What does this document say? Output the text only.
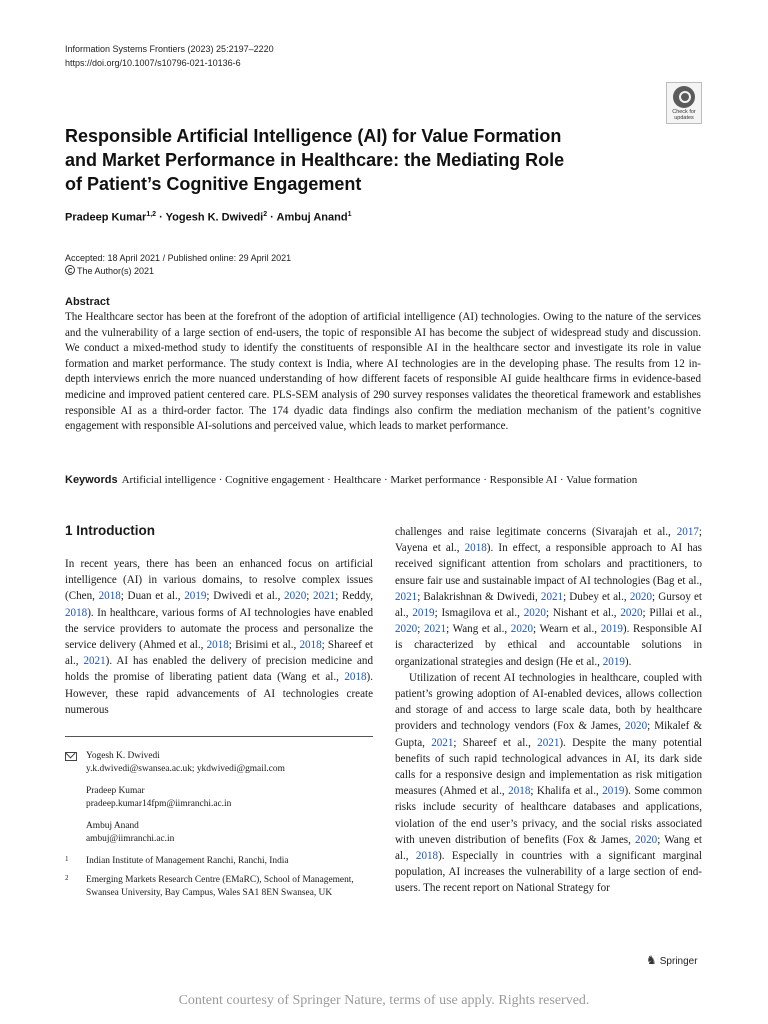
Information Systems Frontiers (2023) 25:2197–2220
https://doi.org/10.1007/s10796-021-10136-6
Check for
updates
Responsible Artificial Intelligence (AI) for Value Formation and Market Performance in Healthcare: the Mediating Role of Patient’s Cognitive Engagement
Pradeep Kumar$^{1,2}$ · Yogesh K. Dwivedi$^2$ · Ambuj Anand$^1$
Accepted: 18 April 2021 / Published online: 29 April 2021
The Author(s) 2021
Abstract

The Healthcare sector has been at the forefront of the adoption of artificial intelligence (AI) technologies. Owing to the nature of the services and the vulnerability of a large section of end-users, the topic of responsible AI has become the subject of widespread study and discussion. We conduct a mixed-method study to identify the constituents of responsible AI in the healthcare sector and investigate its role in value formation and market performance. The study context is India, where AI technologies are in the developing phase. The results from 12 in-depth interviews enrich the more nuanced understanding of how different facets of responsible AI guide healthcare firms in evidence-based medicine and improved patient centered care. PLS-SEM analysis of 290 survey responses validates the theoretical framework and establishes responsible AI as a third-order factor. The 174 dyadic data findings also confirm the mediation mechanism of the patient’s cognitive engagement with responsible AI-solutions and perceived value, which leads to market performance.

Keywords Artificial intelligence · Cognitive engagement · Healthcare · Market performance · Responsible AI · Value formation
1 Introduction

In recent years, there has been an enhanced focus on artificial intelligence (AI) in various domains, to resolve complex issues (Chen, 2018; Duan et al., 2019; Dwivedi et al., 2020; 2021; Reddy, 2018). In healthcare, various forms of AI technologies have enabled the service providers to automate the process and personalize the service delivery (Ahmed et al., 2018; Brisimi et al., 2018; Shareef et al., 2021). AI has enabled the delivery of precision medicine and holds the promise of liberating patient data (Wang et al., 2018). However, these rapid advancements of AI technologies create numerous

challenges and raise legitimate concerns (Sivarajah et al., 2017; Vayena et al., 2018). In effect, a responsible approach to AI has received significant attention from scholars and practitioners, to ensure fair use and sustainable impact of AI technologies (Bag et al., 2021; Balakrishnan & Dwivedi, 2021; Dubey et al., 2020; Gursoy et al., 2019; Ismagilova et al., 2020; Nishant et al., 2020; Pillai et al., 2020; 2021; Wang et al., 2020; Wearn et al., 2019). Responsible AI is characterized by ethical and accountable solutions in organizational strategies and design (He et al., 2019).

Utilization of recent AI technologies in healthcare, coupled with patient’s growing adoption of AI-enabled devices, allows collection and storage of and access to large scale data, both by healthcare providers and technology vendors (Fox & James, 2020; Mikalef & Gupta, 2021; Shareef et al., 2021). Despite the many potential benefits of such rapid technological advances in AI, its dark side calls for a responsive design and implementation as risk mitigation measures (Ahmed et al., 2018; Khalifa et al., 2019). Some common risks include security of healthcare databases and applications, violation of the end user’s privacy, and the social risks associated with uneven distribution of benefits (Fox & James, 2020; Wang et al., 2018). Especially in countries with a significant marginal population, AI increases the vulnerability of a large section of end-users. The recent report on National Strategy for

Yogesh K. Dwivedi
y.k.dwivedi@swansea.ac.uk; ykdwivedi@gmail.com
Pradeep Kumar
pradeep.kumar14fpm@iimranchi.ac.in
Ambuj Anand
ambuj@iimranchi.ac.in
1 Indian Institute of Management Ranchi, Ranchi, India
2 Emerging Markets Research Centre (EMaRC), School of Management, Swansea University, Bay Campus, Wales SA1 8EN Swansea, UK
♞ Springer
Content courtesy of Springer Nature, terms of use apply. Rights reserved.
